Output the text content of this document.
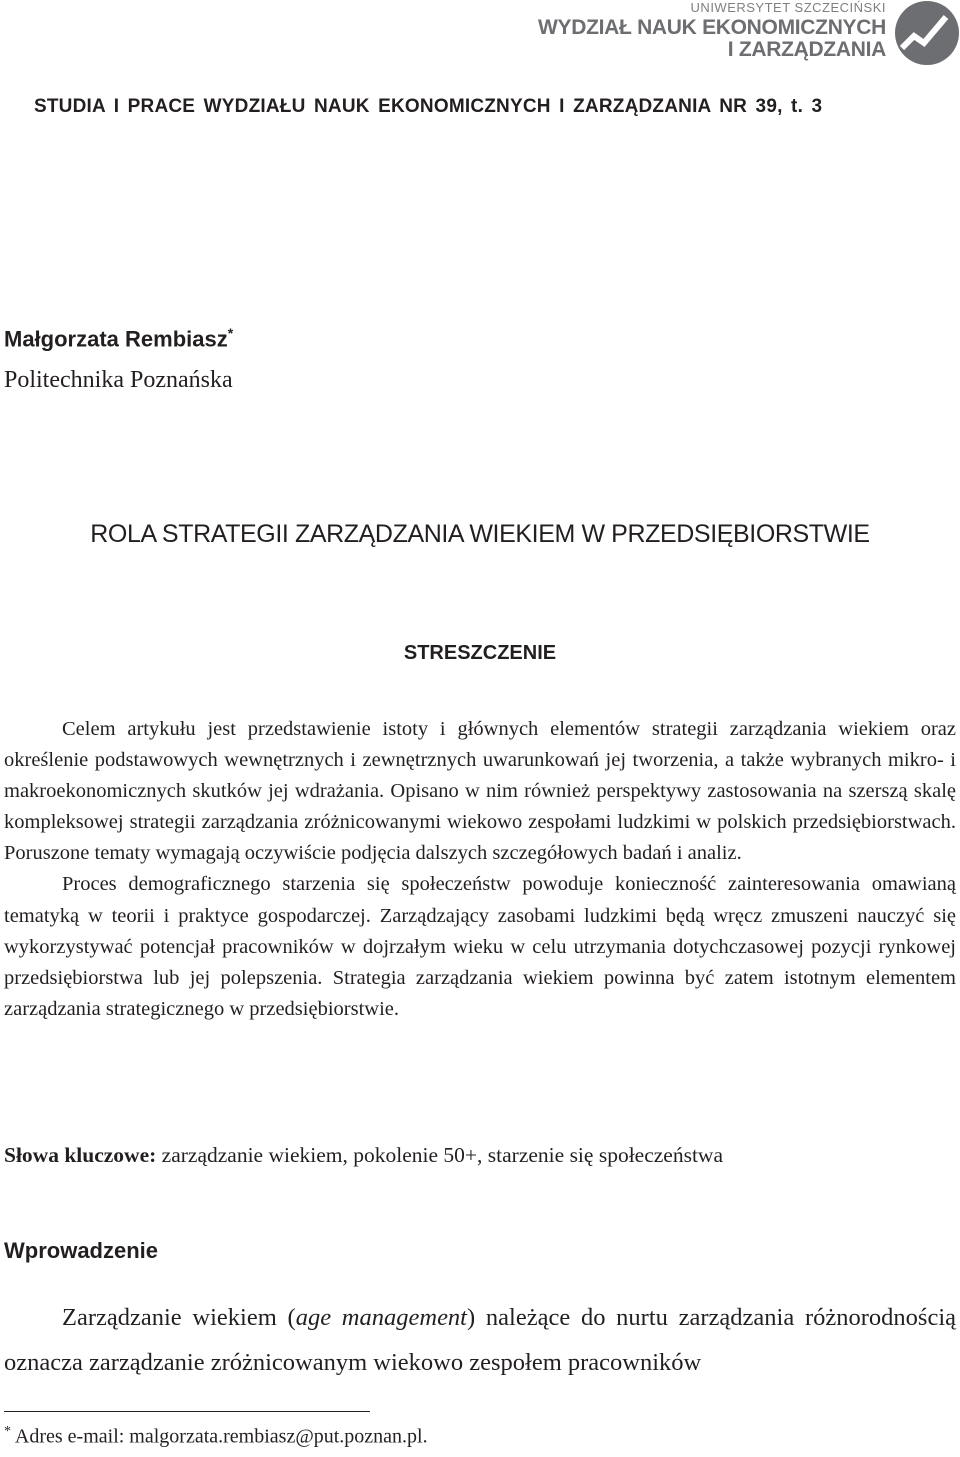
UNIWERSYTET SZCZECIŃSKI
WYDZIAŁ NAUK EKONOMICZNYCH
I ZARZĄDZANIA
STUDIA I PRACE WYDZIAŁU NAUK EKONOMICZNYCH I ZARZĄDZANIA NR 39, t. 3
Małgorzata Rembiasz*
Politechnika Poznańska
ROLA STRATEGII ZARZĄDZANIA WIEKIEM W PRZEDSIĘBIORSTWIE
STRESZCZENIE

Celem artykułu jest przedstawienie istoty i głównych elementów strategii zarządzania wiekiem oraz określenie podstawowych wewnętrznych i zewnętrznych uwarunkowań jej tworzenia, a także wybranych mikro- i makroekonomicznych skutków jej wdrażania. Opisano w nim również perspektywy zastosowania na szerszą skalę kompleksowej strategii zarządzania zróżnicowanymi wiekowo zespołami ludzkimi w polskich przedsiębiorstwach. Poruszone tematy wymagają oczywiście podjęcia dalszych szczegółowych badań i analiz.

Proces demograficznego starzenia się społeczeństw powoduje konieczność zainteresowania omawianą tematyką w teorii i praktyce gospodarczej. Zarządzający zasobami ludzkimi będą wręcz zmuszeni nauczyć się wykorzystywać potencjał pracowników w dojrzałym wieku w celu utrzymania dotychczasowej pozycji rynkowej przedsiębiorstwa lub jej polepszenia. Strategia zarządzania wiekiem powinna być zatem istotnym elementem zarządzania strategicznego w przedsiębiorstwie.

Słowa kluczowe: zarządzanie wiekiem, pokolenie 50+, starzenie się społeczeństwa
Wprowadzenie

Zarządzanie wiekiem (age management) należące do nurtu zarządzania różnorodnością oznacza zarządzanie zróżnicowanym wiekowo zespołem pracowników

* Adres e-mail: malgorzata.rembiasz@put.poznan.pl.
